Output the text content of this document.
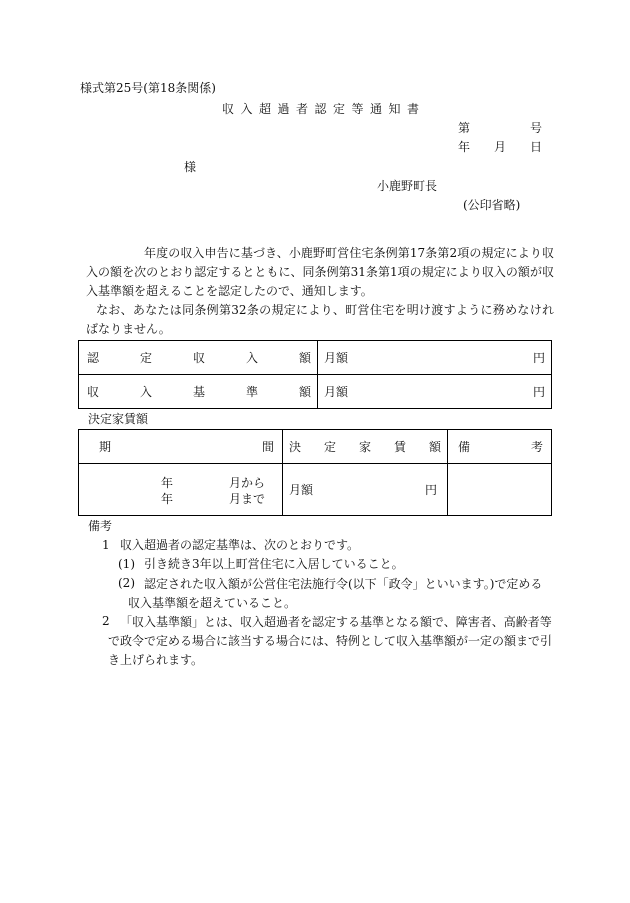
様式第25号(第18条関係)
収入超過者認定等通知書
第	号
年 月 日
様
小鹿野町長
(公印省略)
年度の収入申告に基づき、小鹿野町営住宅条例第17条第2項の規定により収入の額を次のとおり認定するとともに、同条例第31条第1項の規定により収入の額が収入基準額を超えることを認定したので、通知します。
なお、あなたは同条例第32条の規定により、町営住宅を明け渡すように務めなければなりません。
認 定 収 入 額	月額 円

収 入 基 準 額	月額 円
決定家賃額
期 間	決 定 家 賃 額	備 考

年 月から
年 月まで	月額 円	

備考
1 収入超過者の認定基準は、次のとおりです。
(1) 引き続き3年以上町営住宅に入居していること。
(2) 認定された収入額が公営住宅法施行令(以下「政令」といいます。)で定める収入基準額を超えていること。
2 「収入基準額」とは、収入超過者を認定する基準となる額で、障害者、高齢者等で政令で定める場合に該当する場合には、特例として収入基準額が一定の額まで引き上げられます。
